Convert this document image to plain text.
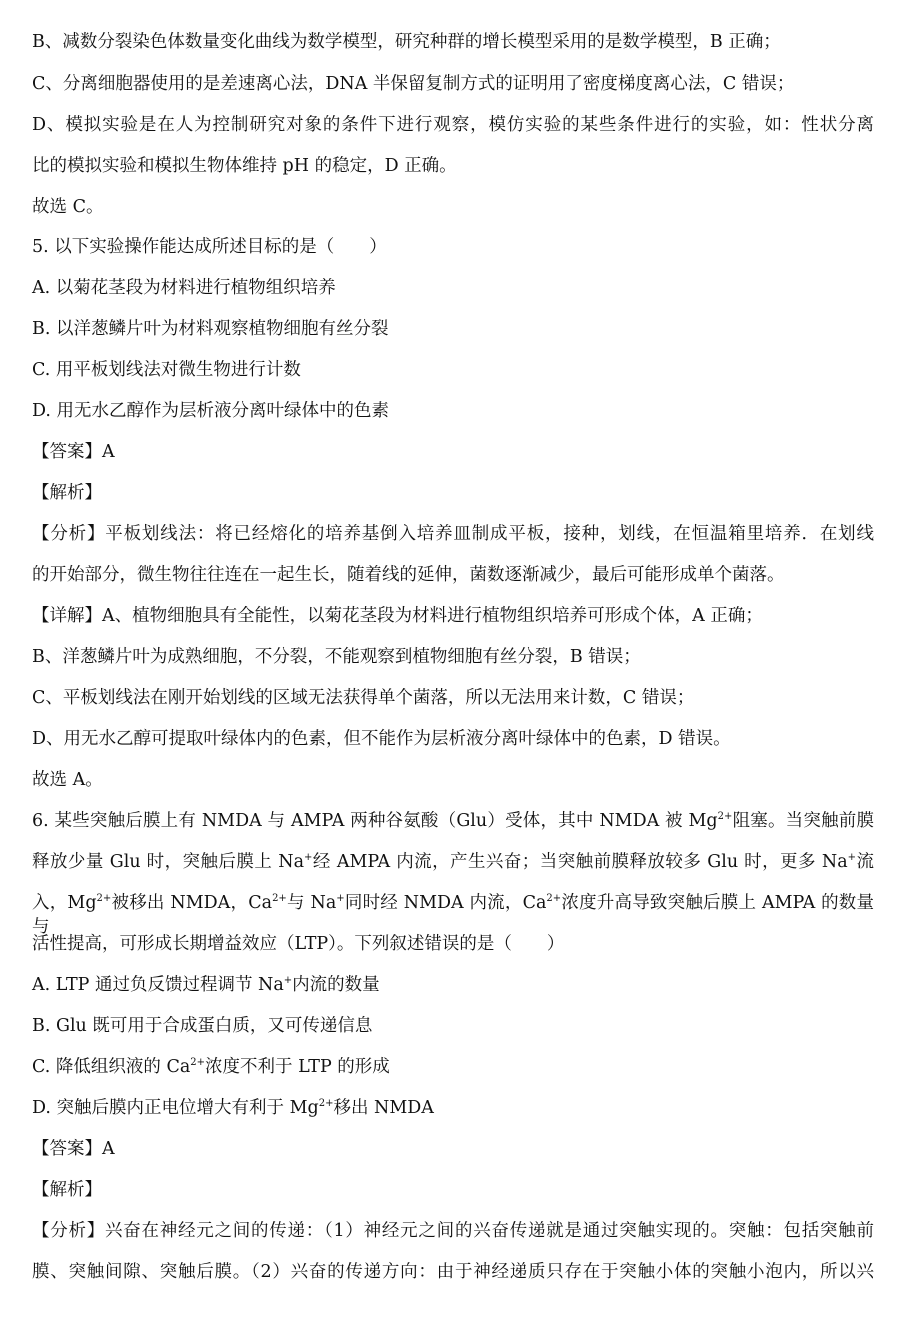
B、减数分裂染色体数量变化曲线为数学模型，研究种群的增长模型采用的是数学模型，B 正确；
C、分离细胞器使用的是差速离心法，DNA 半保留复制方式的证明用了密度梯度离心法，C 错误；
D、模拟实验是在人为控制研究对象的条件下进行观察，模仿实验的某些条件进行的实验，如：性状分离
比的模拟实验和模拟生物体维持 pH 的稳定，D 正确。
故选 C。
5. 以下实验操作能达成所述目标的是（　　）
A. 以菊花茎段为材料进行植物组织培养
B. 以洋葱鳞片叶为材料观察植物细胞有丝分裂
C. 用平板划线法对微生物进行计数
D. 用无水乙醇作为层析液分离叶绿体中的色素
【答案】A
【解析】
【分析】平板划线法：将已经熔化的培养基倒入培养皿制成平板，接种，划线，在恒温箱里培养．在划线
的开始部分，微生物往往连在一起生长，随着线的延伸，菌数逐渐减少，最后可能形成单个菌落。
【详解】A、植物细胞具有全能性，以菊花茎段为材料进行植物组织培养可形成个体，A 正确；
B、洋葱鳞片叶为成熟细胞，不分裂，不能观察到植物细胞有丝分裂，B 错误；
C、平板划线法在刚开始划线的区域无法获得单个菌落，所以无法用来计数，C 错误；
D、用无水乙醇可提取叶绿体内的色素，但不能作为层析液分离叶绿体中的色素，D 错误。
故选 A。
6. 某些突触后膜上有 NMDA 与 AMPA 两种谷氨酸（Glu）受体，其中 NMDA 被 $Mg^{2+}$阻塞。当突触前膜
释放少量 Glu 时，突触后膜上 Na+经 AMPA 内流，产生兴奋；当突触前膜释放较多 Glu 时，更多 Na+流
入，$Mg^{2+}$被移出 NMDA，$Ca^{2+}$与 Na+同时经 NMDA 内流，$Ca^{2+}$浓度升高导致突触后膜上 AMPA 的数量与
活性提高，可形成长期增益效应（LTP）。下列叙述错误的是（　　）
A. LTP 通过负反馈过程调节 Na+内流的数量
B. Glu 既可用于合成蛋白质，又可传递信息
C. 降低组织液的 $Ca^{2+}$浓度不利于 LTP 的形成
D. 突触后膜内正电位增大有利于 $Mg^{2+}$移出 NMDA
【答案】A
【解析】
【分析】兴奋在神经元之间的传递：（1）神经元之间的兴奋传递就是通过突触实现的。突触：包括突触前
膜、突触间隙、突触后膜。（2）兴奋的传递方向：由于神经递质只存在于突触小体的突触小泡内，所以兴
